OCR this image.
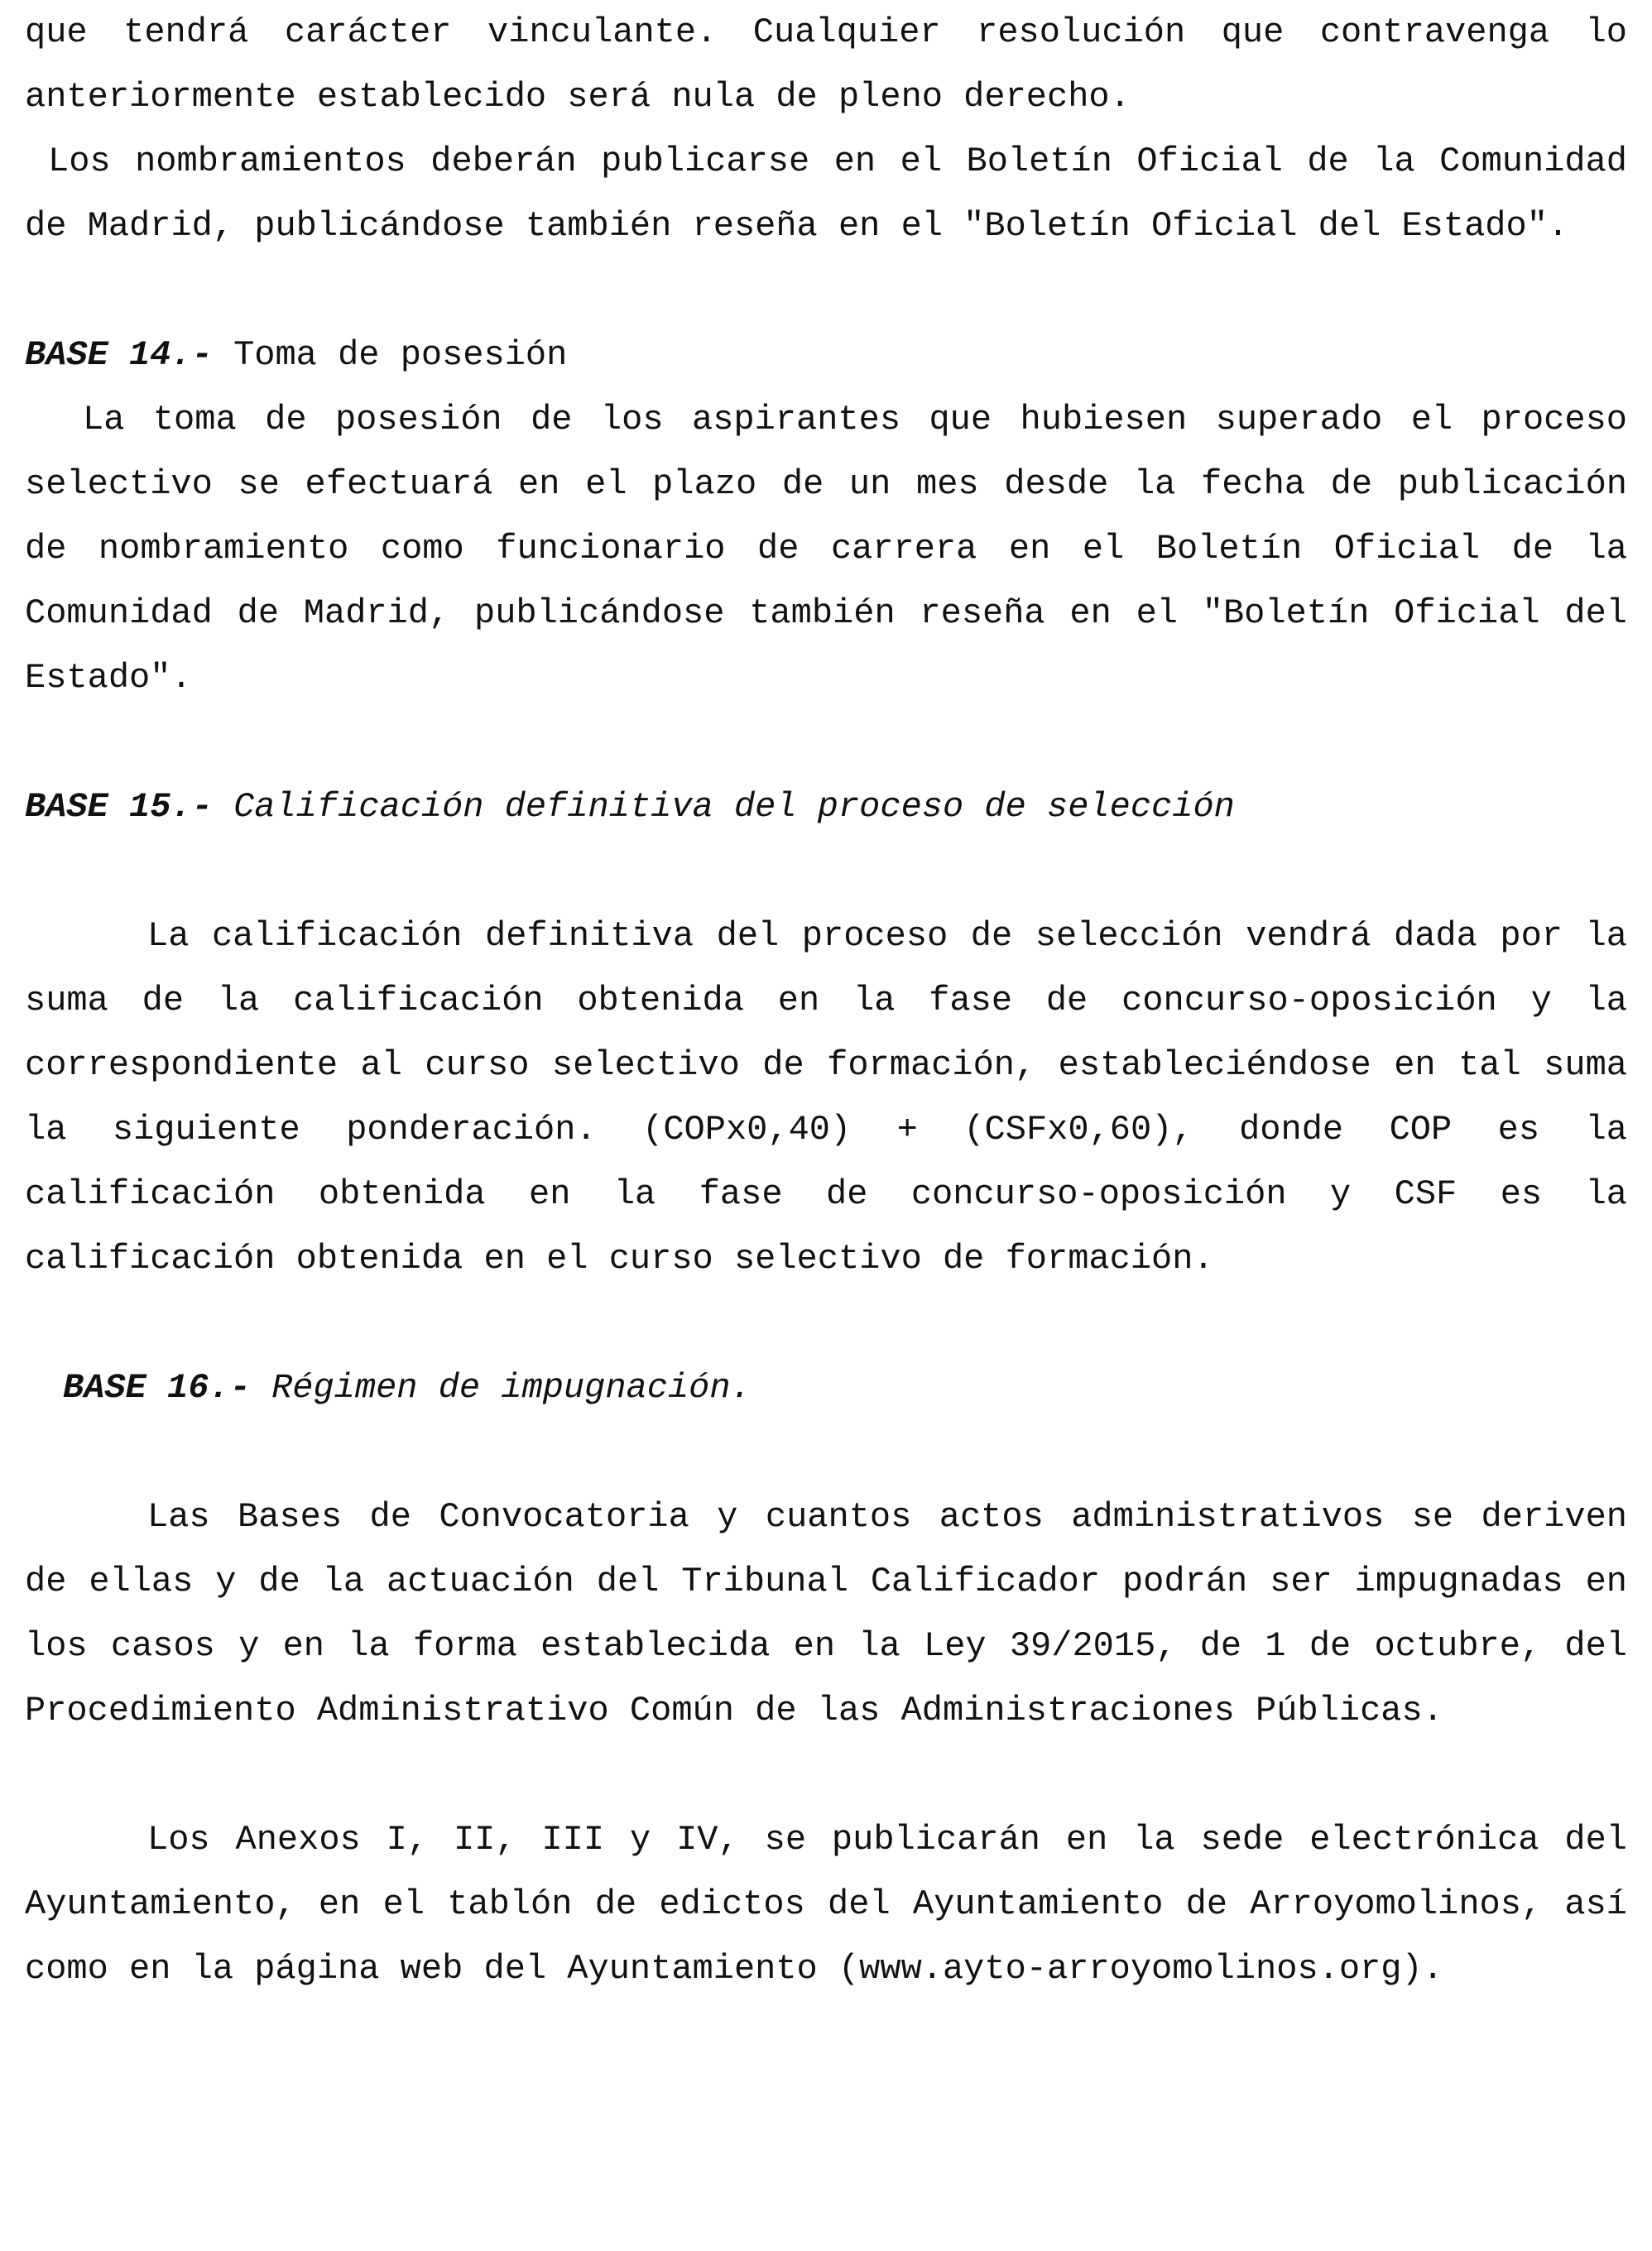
que tendrá carácter vinculante. Cualquier resolución que contravenga lo anteriormente establecido será nula de pleno derecho.

Los nombramientos deberán publicarse en el Boletín Oficial de la Comunidad de Madrid, publicándose también reseña en el "Boletín Oficial del Estado".

BASE 14.- Toma de posesión

La toma de posesión de los aspirantes que hubiesen superado el proceso selectivo se efectuará en el plazo de un mes desde la fecha de publicación de nombramiento como funcionario de carrera en el Boletín Oficial de la Comunidad de Madrid, publicándose también reseña en el "Boletín Oficial del Estado".

BASE 15.- Calificación definitiva del proceso de selección

La calificación definitiva del proceso de selección vendrá dada por la suma de la calificación obtenida en la fase de concurso-oposición y la correspondiente al curso selectivo de formación, estableciéndose en tal suma la siguiente ponderación. (COPx0,40) + (CSFx0,60), donde COP es la calificación obtenida en la fase de concurso-oposición y CSF es la calificación obtenida en el curso selectivo de formación.

BASE 16.- Régimen de impugnación.

Las Bases de Convocatoria y cuantos actos administrativos se deriven de ellas y de la actuación del Tribunal Calificador podrán ser impugnadas en los casos y en la forma establecida en la Ley 39/2015, de 1 de octubre, del Procedimiento Administrativo Común de las Administraciones Públicas.

Los Anexos I, II, III y IV, se publicarán en la sede electrónica del Ayuntamiento, en el tablón de edictos del Ayuntamiento de Arroyomolinos, así como en la página web del Ayuntamiento (www.ayto-arroyomolinos.org).
